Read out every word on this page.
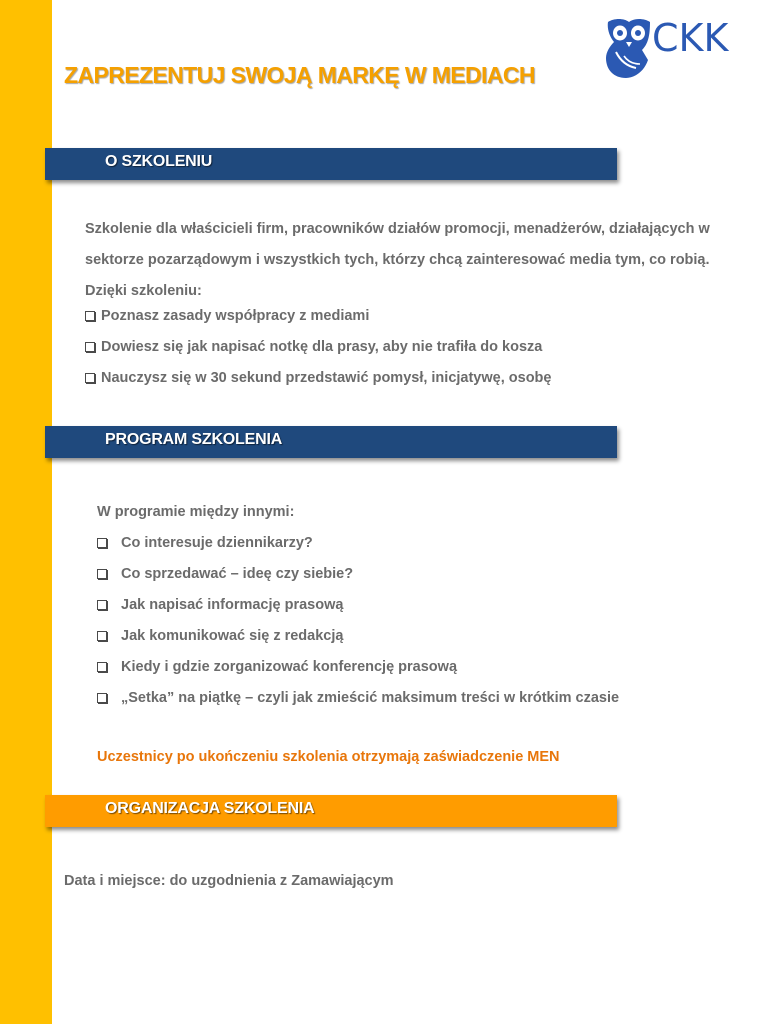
CKK
ZAPREZENTUJ SWOJĄ MARKĘ W MEDIACH
O SZKOLENIU

Szkolenie dla właścicieli firm, pracowników działów promocji, menadżerów, działających w sektorze pozarządowym i wszystkich tych, którzy chcą zainteresować media tym, co robią. Dzięki szkoleniu:

Poznasz zasady współpracy z mediami
Dowiesz się jak napisać notkę dla prasy, aby nie trafiła do kosza
Nauczysz się w 30 sekund przedstawić pomysł, inicjatywę, osobę
PROGRAM SZKOLENIA

W programie między innymi:

Co interesuje dziennikarzy?
Co sprzedawać – ideę czy siebie?
Jak napisać informację prasową
Jak komunikować się z redakcją
Kiedy i gdzie zorganizować konferencję prasową
„Setka” na piątkę – czyli jak zmieścić maksimum treści w krótkim czasie

Uczestnicy po ukończeniu szkolenia otrzymają zaświadczenie MEN

ORGANIZACJA SZKOLENIA

Data i miejsce: do uzgodnienia z Zamawiającym
